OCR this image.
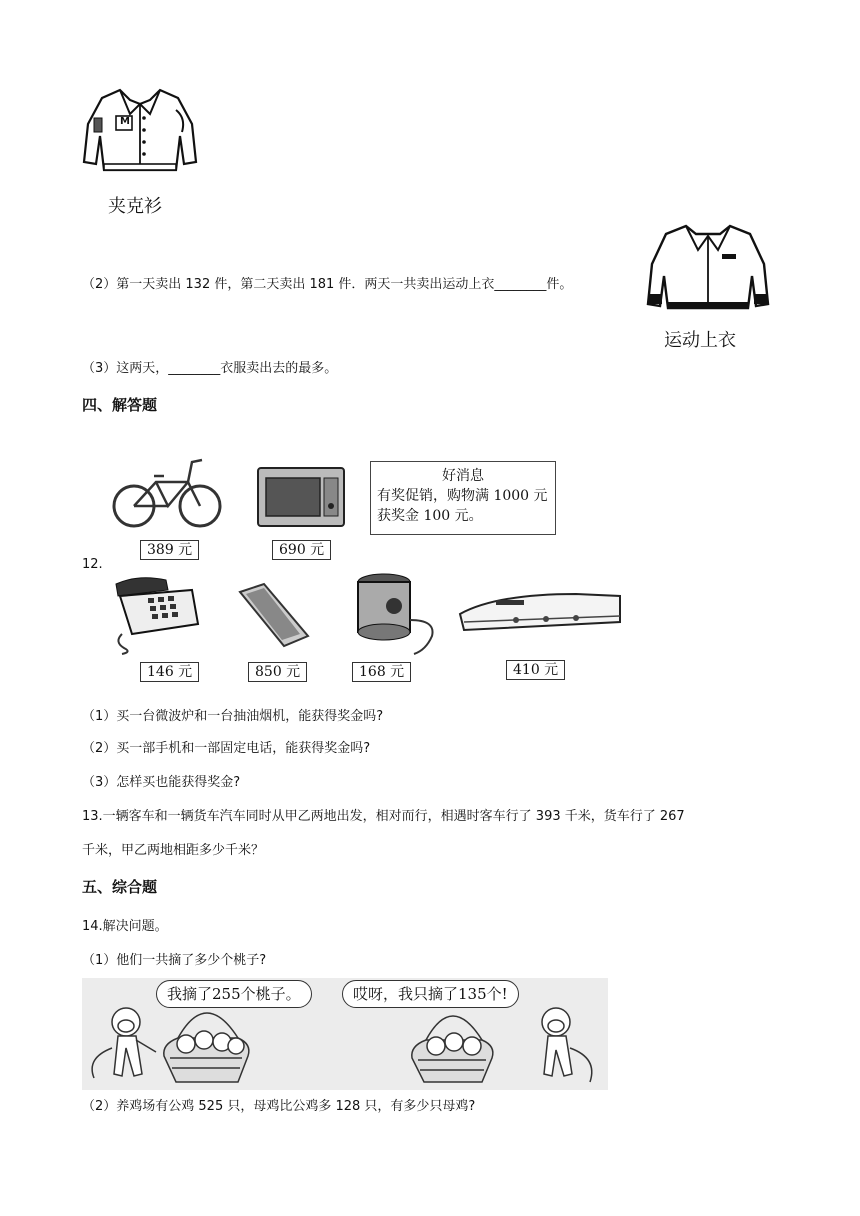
M
夹克衫
运动上衣
（2）第一天卖出 132 件，第二天卖出 181 件．两天一共卖出运动上衣________件。
（3）这两天，________衣服卖出去的最多。
四、解答题
389 元	690 元
好消息
有奖促销，购物满 1000 元
获奖金 100 元。
12.
146 元	850 元	168 元	410 元
（1）买一台微波炉和一台抽油烟机，能获得奖金吗?
（2）买一部手机和一部固定电话，能获得奖金吗?
（3）怎样买也能获得奖金?
13.一辆客车和一辆货车汽车同时从甲乙两地出发，相对而行，相遇时客车行了 393 千米，货车行了 267
千米，甲乙两地相距多少千米？
五、综合题
14.解决问题。
（1）他们一共摘了多少个桃子?
我摘了255个桃子。	哎呀，我只摘了135个!
（2）养鸡场有公鸡 525 只，母鸡比公鸡多 128 只，有多少只母鸡?
